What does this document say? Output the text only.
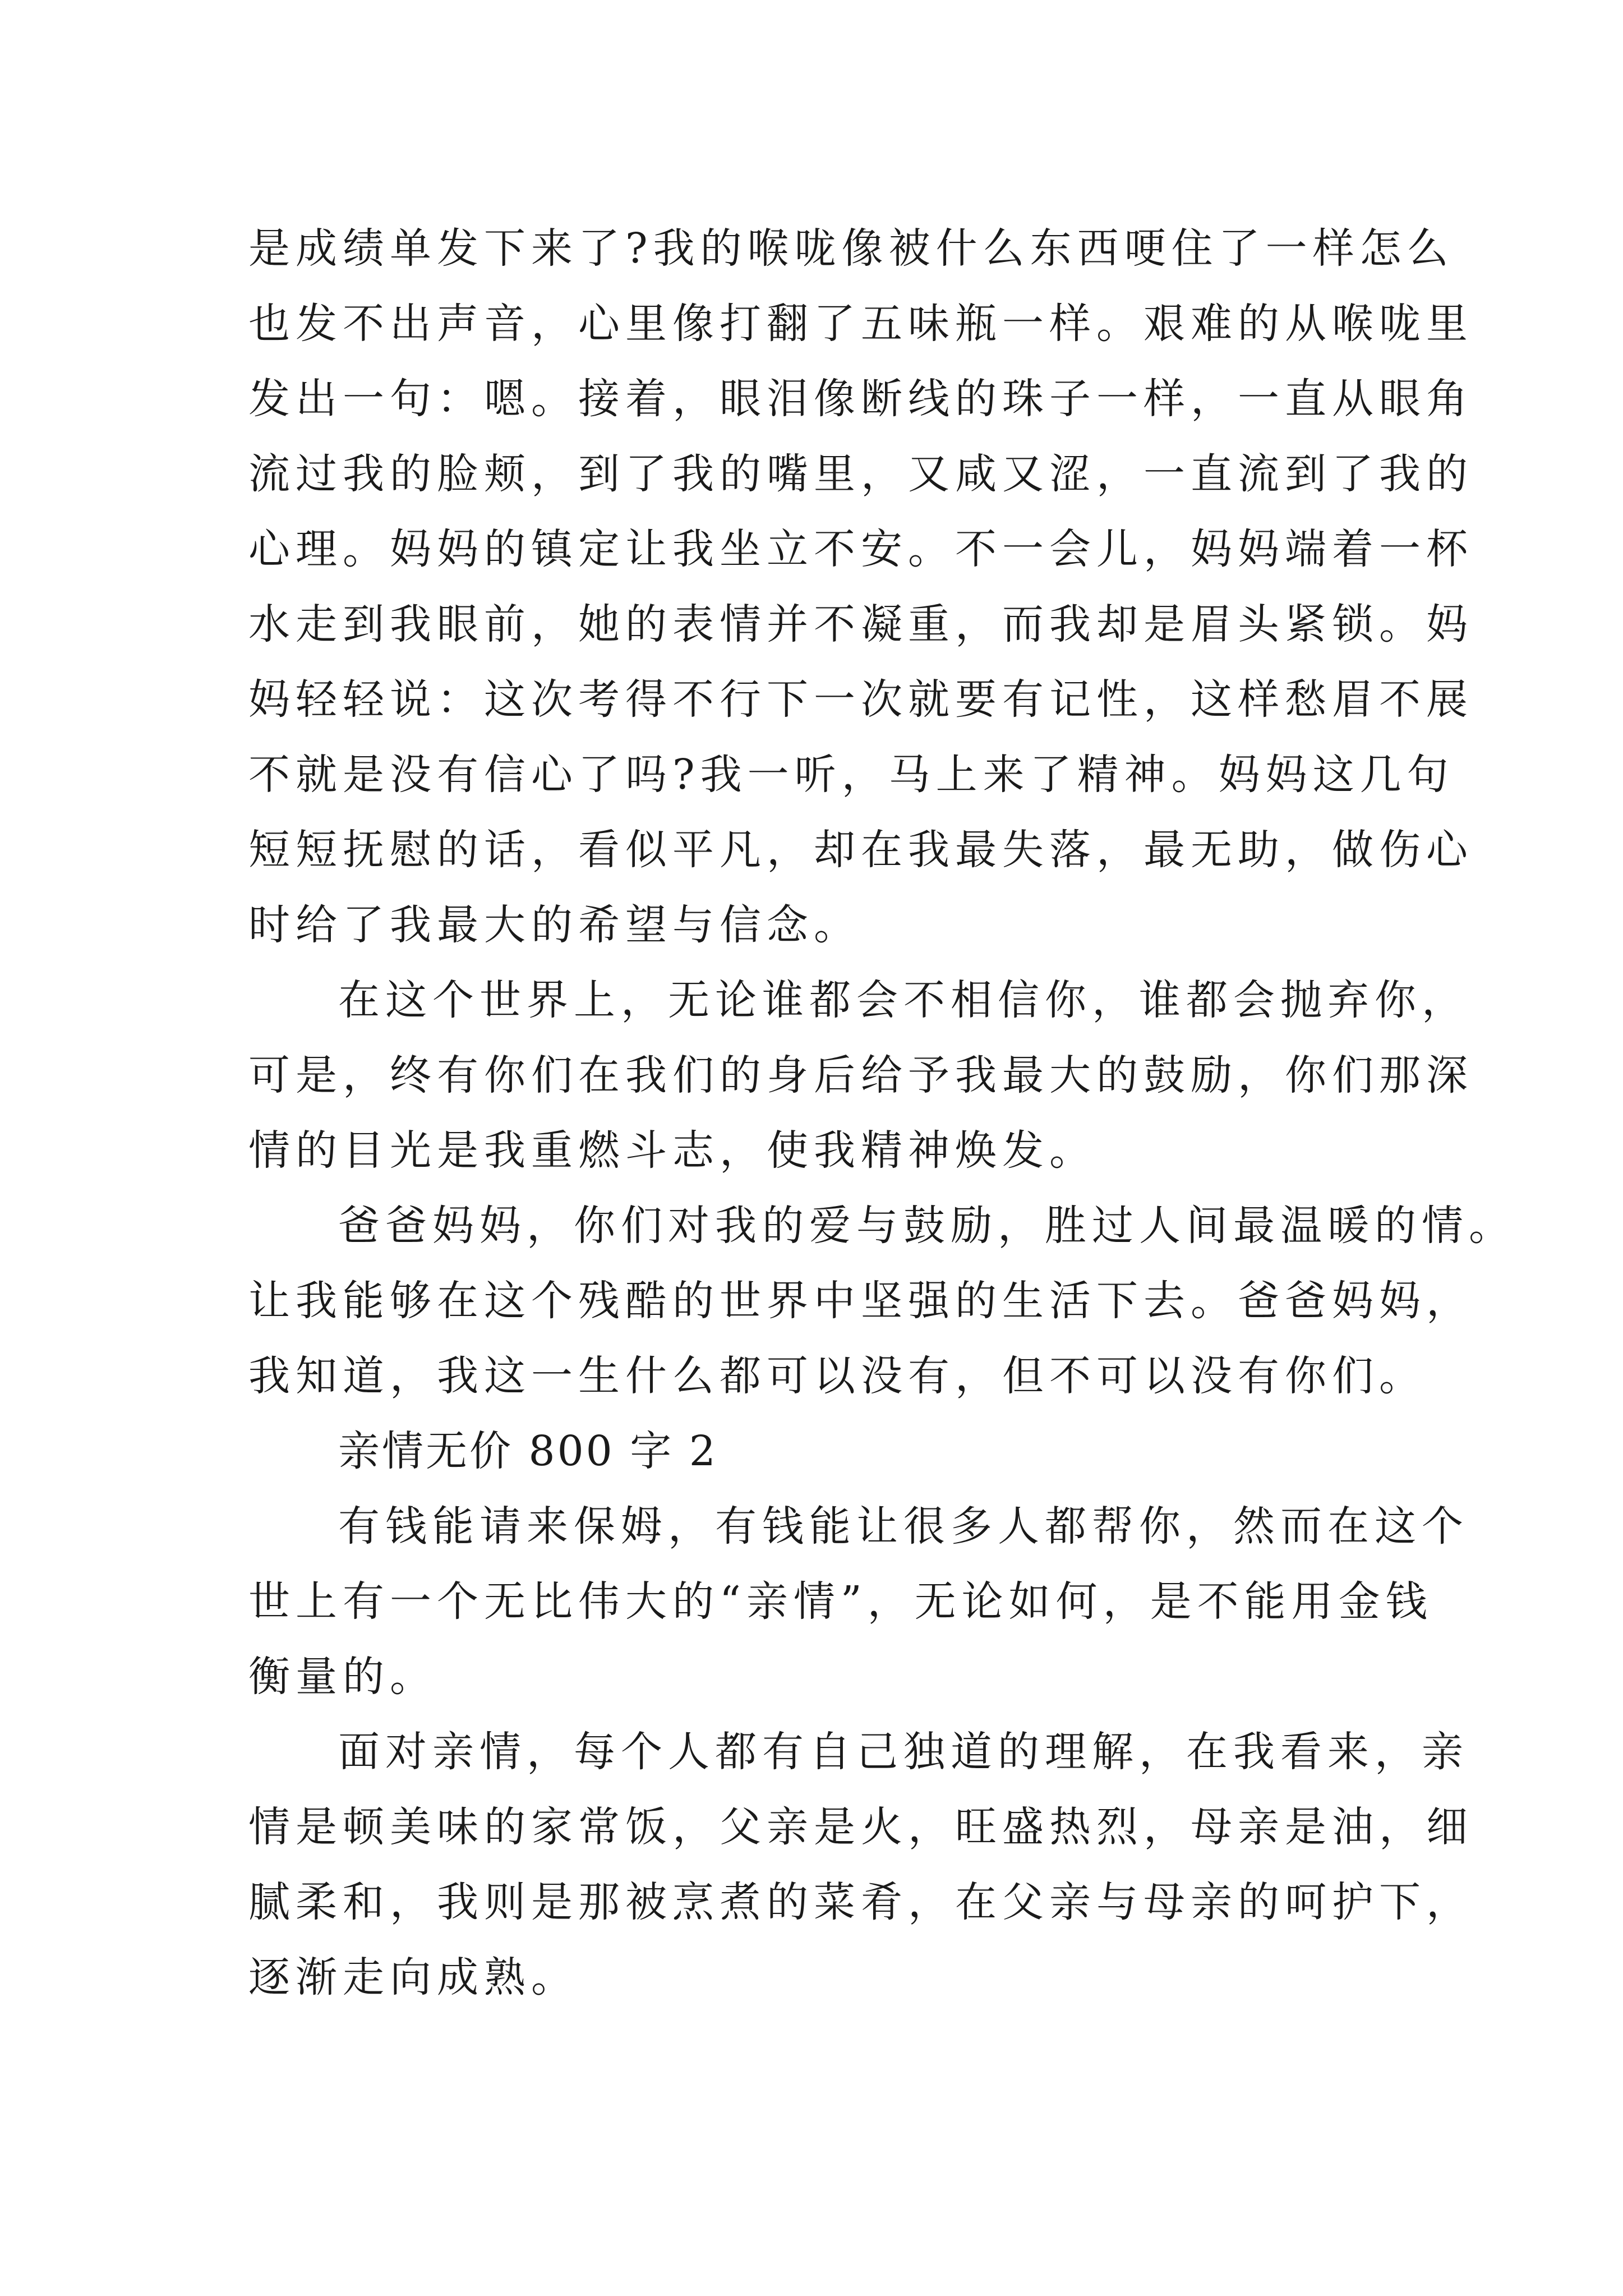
是成绩单发下来了?我的喉咙像被什么东西哽住了一样怎么
也发不出声音，心里像打翻了五味瓶一样。艰难的从喉咙里
发出一句：嗯。接着，眼泪像断线的珠子一样，一直从眼角
流过我的脸颊，到了我的嘴里，又咸又涩，一直流到了我的
心理。妈妈的镇定让我坐立不安。不一会儿，妈妈端着一杯
水走到我眼前，她的表情并不凝重，而我却是眉头紧锁。妈
妈轻轻说：这次考得不行下一次就要有记性，这样愁眉不展
不就是没有信心了吗?我一听，马上来了精神。妈妈这几句
短短抚慰的话，看似平凡，却在我最失落，最无助，做伤心
时给了我最大的希望与信念。
在这个世界上，无论谁都会不相信你，谁都会抛弃你，
可是，终有你们在我们的身后给予我最大的鼓励，你们那深
情的目光是我重燃斗志，使我精神焕发。
爸爸妈妈，你们对我的爱与鼓励，胜过人间最温暖的情。
让我能够在这个残酷的世界中坚强的生活下去。爸爸妈妈，
我知道，我这一生什么都可以没有，但不可以没有你们。
亲情无价 800 字 2
有钱能请来保姆，有钱能让很多人都帮你，然而在这个
世上有一个无比伟大的“亲情”，无论如何，是不能用金钱
衡量的。
面对亲情，每个人都有自己独道的理解，在我看来，亲
情是顿美味的家常饭，父亲是火，旺盛热烈，母亲是油，细
腻柔和，我则是那被烹煮的菜肴，在父亲与母亲的呵护下，
逐渐走向成熟。
